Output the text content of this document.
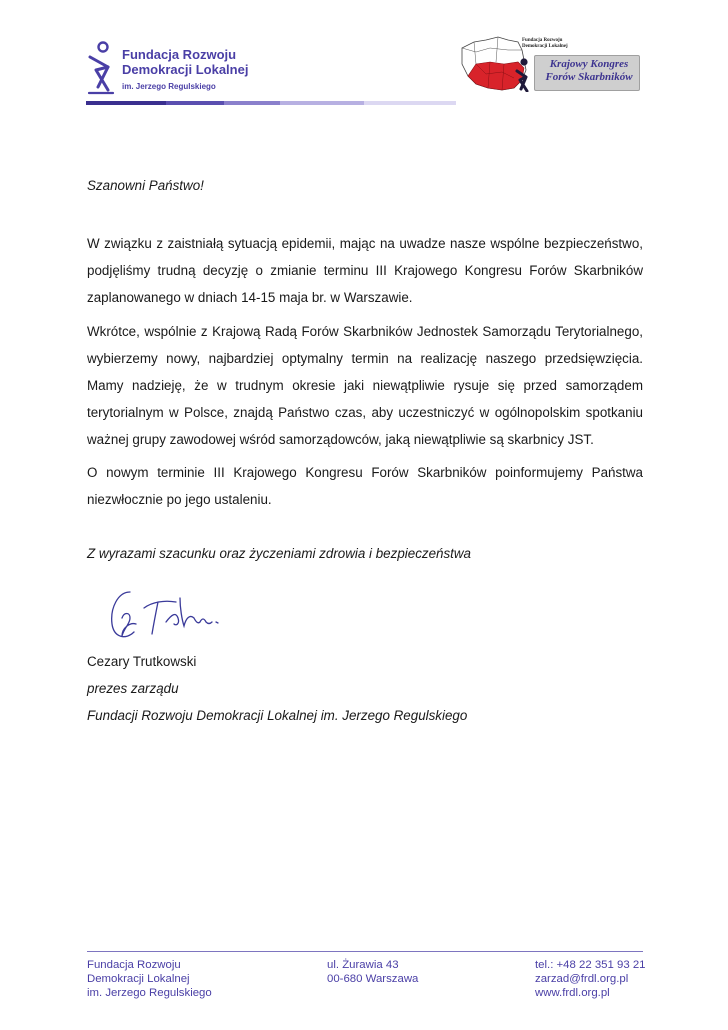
Fundacja Rozwoju
Demokracji Lokalnej
im. Jerzego Regulskiego
Fundacja Rozwoju
Demokracji Lokalnej
Krajowy Kongres
Forów Skarbników
Szanowni Państwo!

W związku z zaistniałą sytuacją epidemii, mając na uwadze nasze wspólne bezpieczeństwo, podjęliśmy trudną decyzję o zmianie terminu III Krajowego Kongresu Forów Skarbników zaplanowanego w dniach 14-15 maja br. w Warszawie.

Wkrótce, wspólnie z Krajową Radą Forów Skarbników Jednostek Samorządu Terytorialnego, wybierzemy nowy, najbardziej optymalny termin na realizację naszego przedsięwzięcia. Mamy nadzieję, że w trudnym okresie jaki niewątpliwie rysuje się przed samorządem terytorialnym w Polsce, znajdą Państwo czas, aby uczestniczyć w ogólnopolskim spotkaniu ważnej grupy zawodowej wśród samorządowców, jaką niewątpliwie są skarbnicy JST.

O nowym terminie III Krajowego Kongresu Forów Skarbników poinformujemy Państwa niezwłocznie po jego ustaleniu.

Z wyrazami szacunku oraz życzeniami zdrowia i bezpieczeństwa
Cezary Trutkowski
prezes zarządu
Fundacji Rozwoju Demokracji Lokalnej im. Jerzego Regulskiego
Fundacja Rozwoju
Demokracji Lokalnej
im. Jerzego Regulskiego
ul. Żurawia 43
00-680 Warszawa
tel.: +48 22 351 93 21
zarzad@frdl.org.pl
www.frdl.org.pl
